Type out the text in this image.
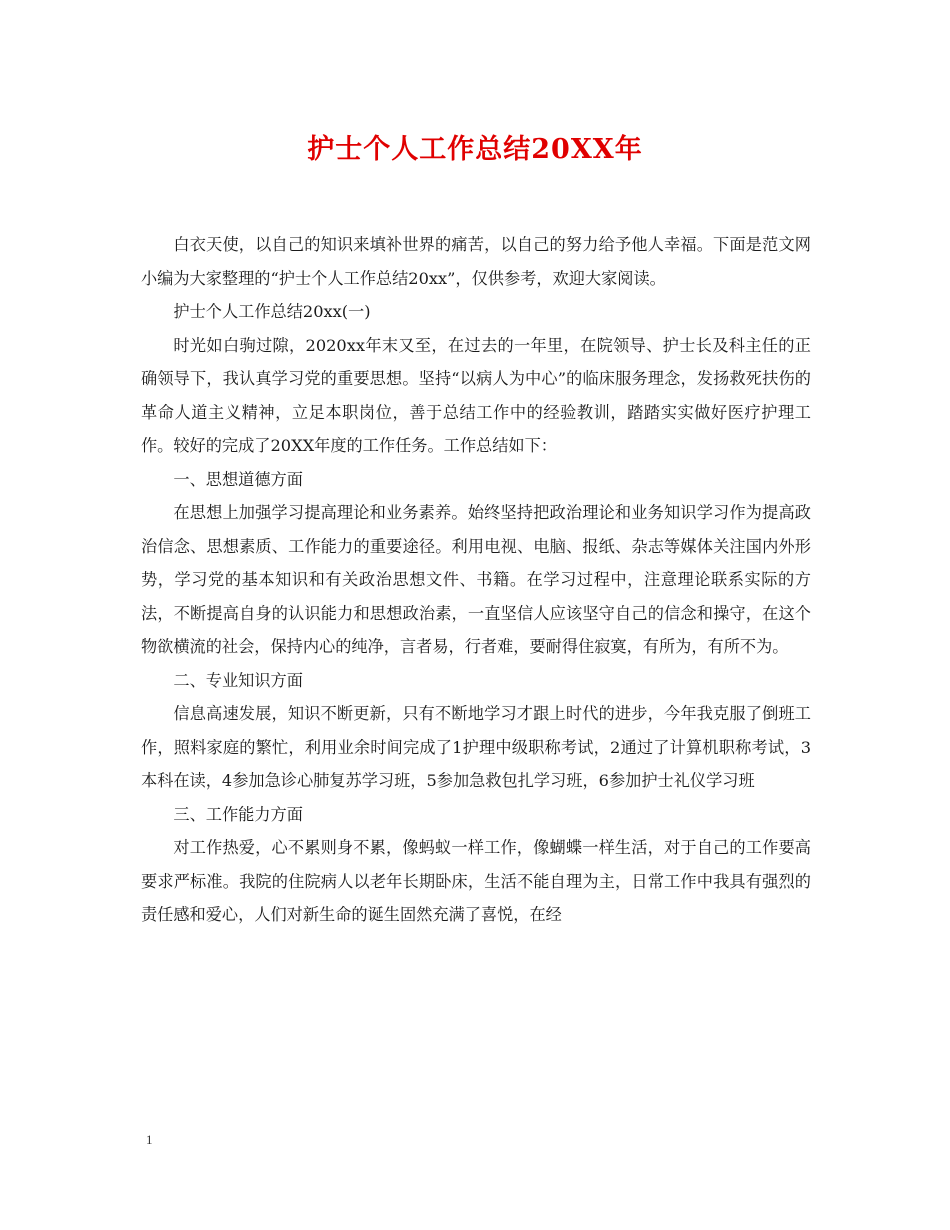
护士个人工作总结20XX年

白衣天使，以自己的知识来填补世界的痛苦，以自己的努力给予他人幸福。下面是范文网小编为大家整理的“护士个人工作总结20xx”，仅供参考，欢迎大家阅读。

护士个人工作总结20xx(一)

时光如白驹过隙，2020xx年末又至，在过去的一年里，在院领导、护士长及科主任的正确领导下，我认真学习党的重要思想。坚持“以病人为中心”的临床服务理念，发扬救死扶伤的革命人道主义精神，立足本职岗位，善于总结工作中的经验教训，踏踏实实做好医疗护理工作。较好的完成了20XX年度的工作任务。工作总结如下：

一、思想道德方面

在思想上加强学习提高理论和业务素养。始终坚持把政治理论和业务知识学习作为提高政治信念、思想素质、工作能力的重要途径。利用电视、电脑、报纸、杂志等媒体关注国内外形势，学习党的基本知识和有关政治思想文件、书籍。在学习过程中，注意理论联系实际的方法，不断提高自身的认识能力和思想政治素，一直坚信人应该坚守自己的信念和操守，在这个物欲横流的社会，保持内心的纯净，言者易，行者难，要耐得住寂寞，有所为，有所不为。

二、专业知识方面

信息高速发展，知识不断更新，只有不断地学习才跟上时代的进步，今年我克服了倒班工作，照料家庭的繁忙，利用业余时间完成了1护理中级职称考试，2通过了计算机职称考试，3本科在读，4参加急诊心肺复苏学习班，5参加急救包扎学习班，6参加护士礼仪学习班

三、工作能力方面

对工作热爱，心不累则身不累，像蚂蚁一样工作，像蝴蝶一样生活，对于自己的工作要高要求严标准。我院的住院病人以老年长期卧床，生活不能自理为主，日常工作中我具有强烈的责任感和爱心，人们对新生命的诞生固然充满了喜悦，在经

1
